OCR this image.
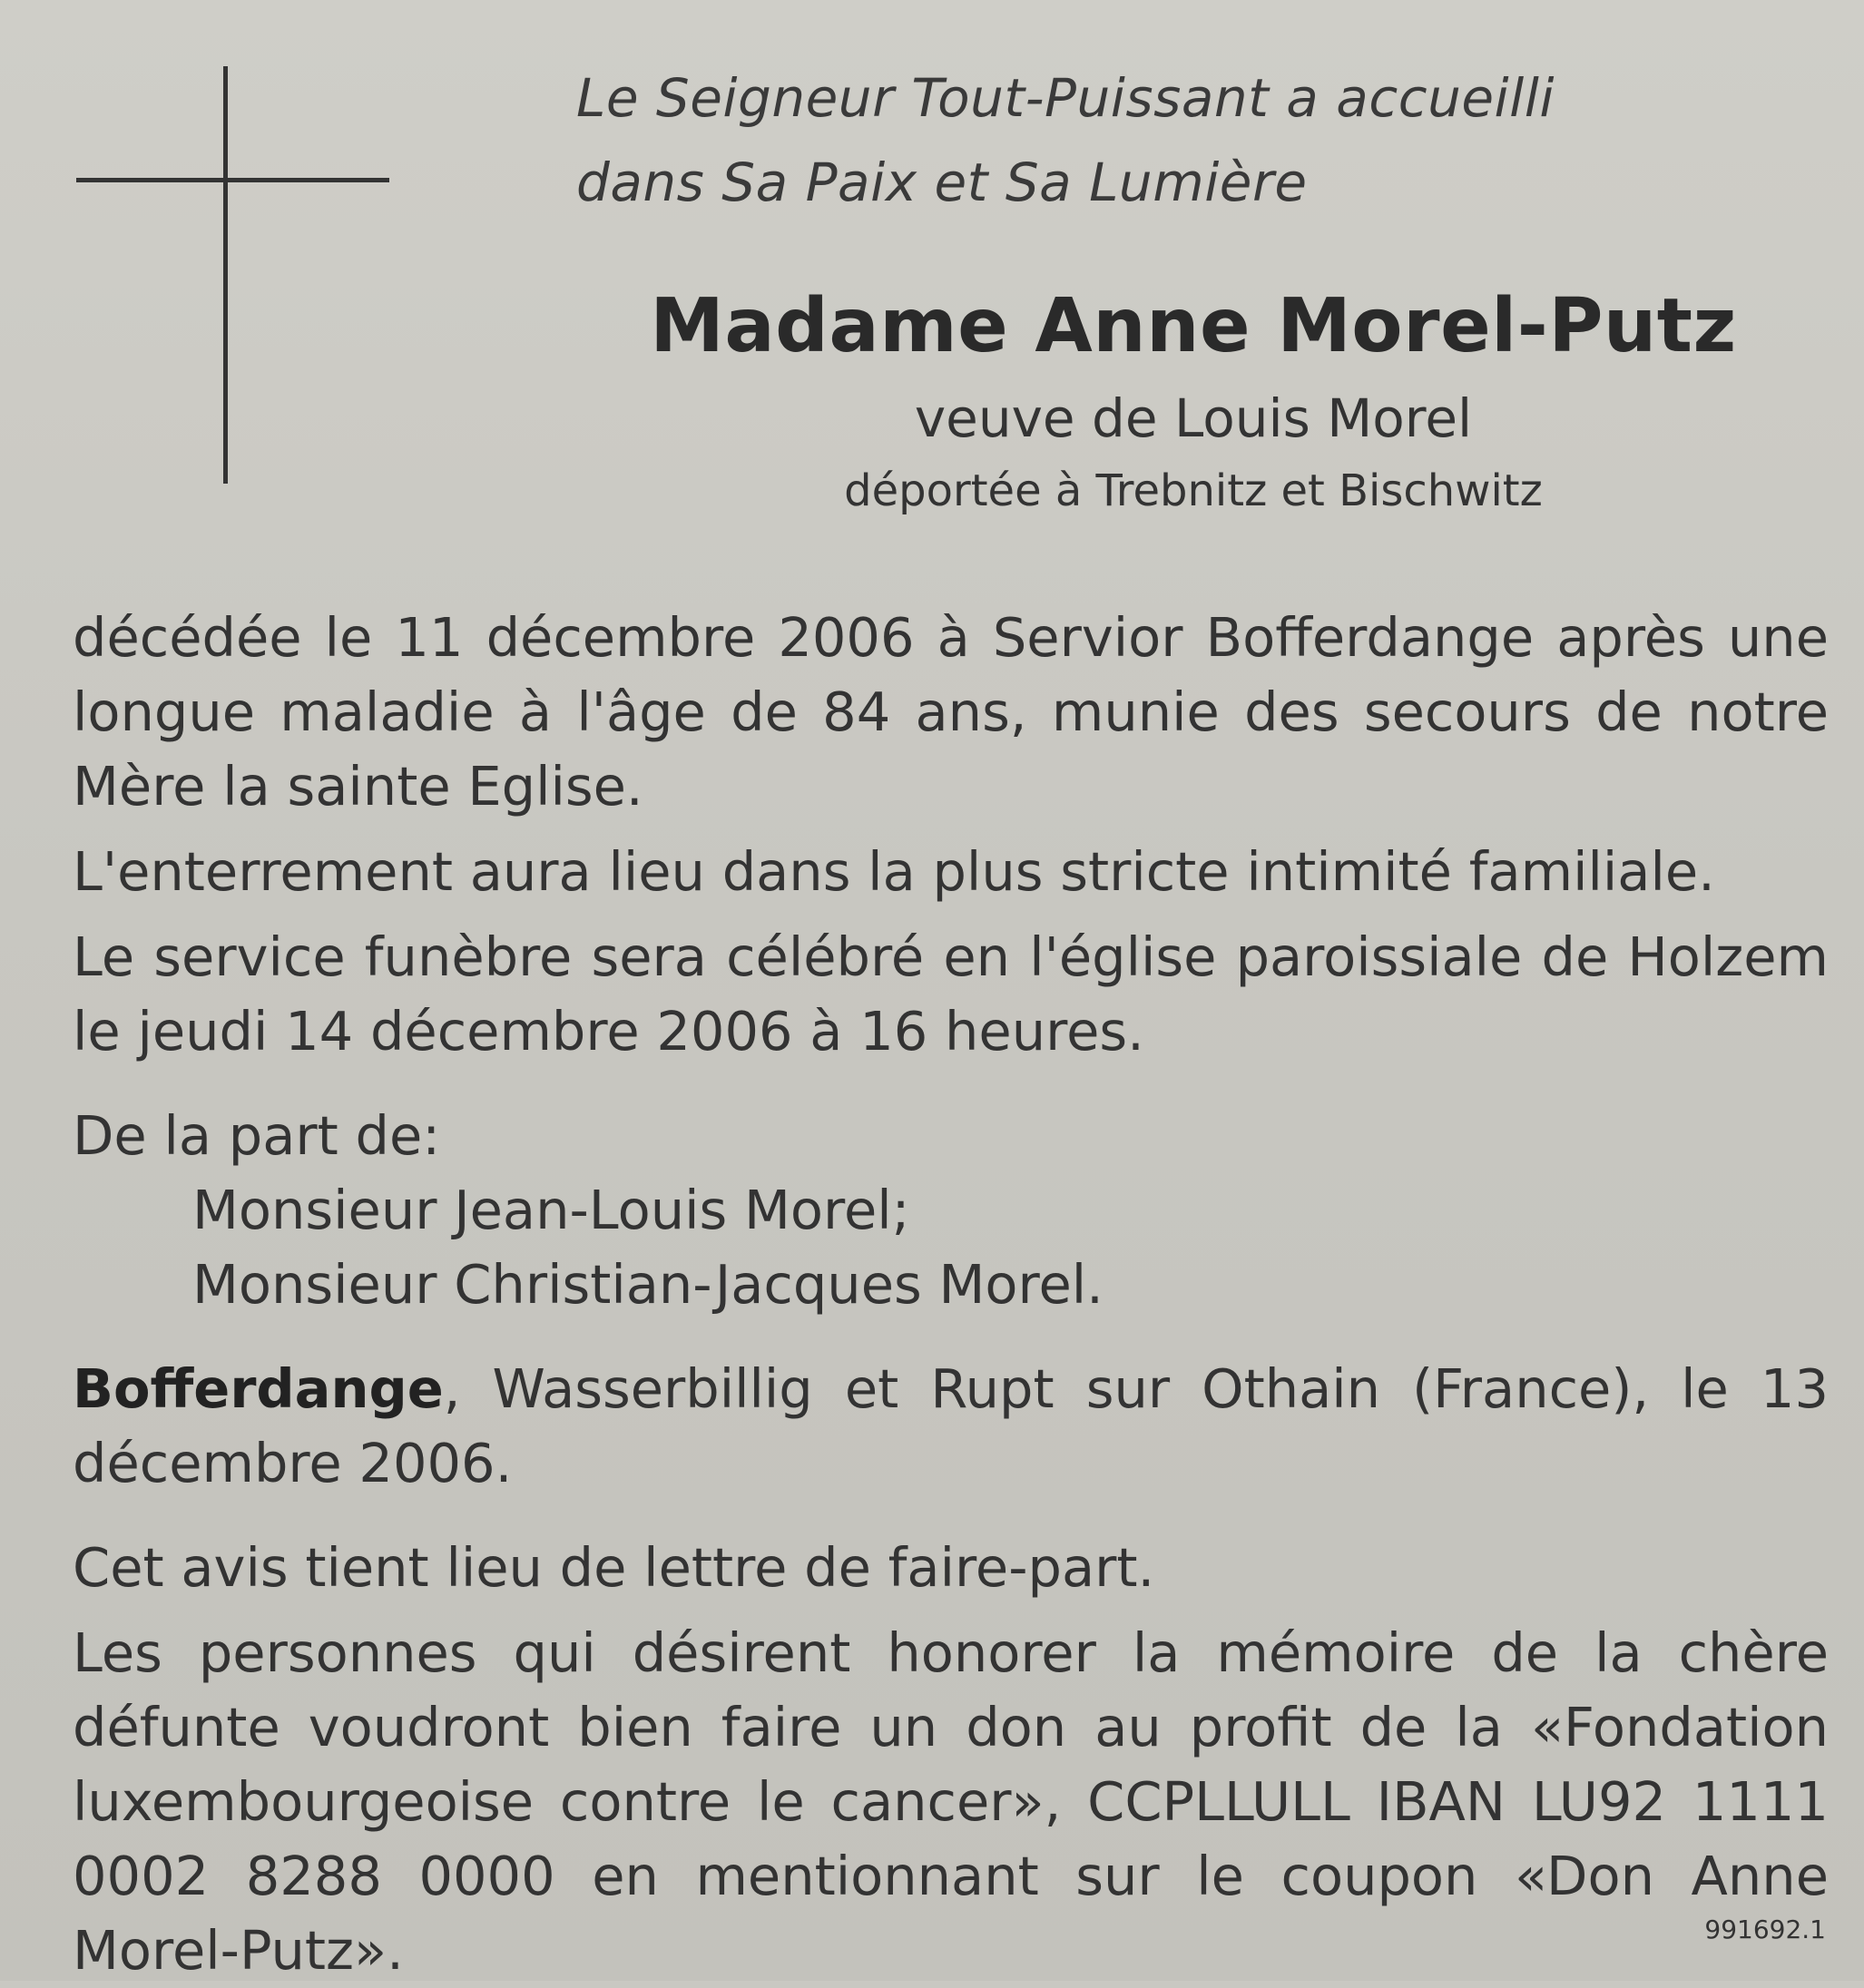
Le Seigneur Tout-Puissant a accueilli
dans Sa Paix et Sa Lumière

Madame Anne Morel-Putz

veuve de Louis Morel

déportée à Trebnitz et Bischwitz

décédée le 11 décembre 2006 à Servior Bofferdange après une longue maladie à l'âge de 84 ans, munie des secours de notre Mère la sainte Eglise.

L'enterrement aura lieu dans la plus stricte intimité familiale.

Le service funèbre sera célébré en l'église paroissiale de Holzem le jeudi 14 décembre 2006 à 16 heures.

De la part de:

Monsieur Jean-Louis Morel;

Monsieur Christian-Jacques Morel.

Bofferdange, Wasserbillig et Rupt sur Othain (France), le 13 décembre 2006.

Cet avis tient lieu de lettre de faire-part.

Les personnes qui désirent honorer la mémoire de la chère défunte voudront bien faire un don au profit de la «Fondation luxembourgeoise contre le cancer», CCPLLULL IBAN LU92 1111 0002 8288 0000 en mentionnant sur le coupon «Don Anne Morel-Putz».	991692.1
